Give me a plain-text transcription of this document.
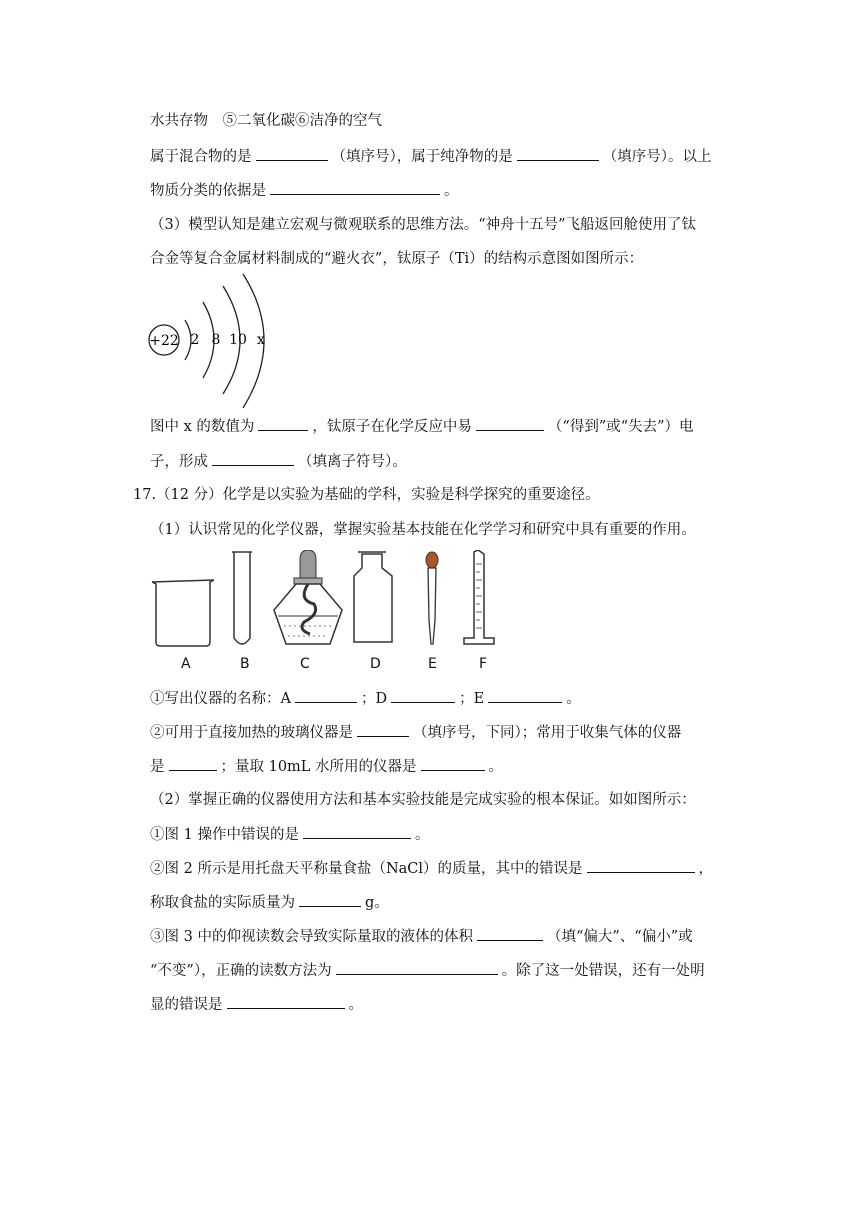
水共存物　⑤二氧化碳⑥洁净的空气
属于混合物的是	（填序号），属于纯净物的是	（填序号）。以上
物质分类的依据是	。
（3）模型认知是建立宏观与微观联系的思维方法。“神舟十五号”飞船返回舱使用了钛
合金等复合金属材料制成的“避火衣”，钛原子（Ti）的结构示意图如图所示：
+22 2 8 10 x
图中 x 的数值为	，钛原子在化学反应中易	（“得到”或“失去”）电
子，形成	（填离子符号）。
17.（12 分）化学是以实验为基础的学科，实验是科学探究的重要途径。
（1）认识常见的化学仪器，掌握实验基本技能在化学学习和研究中具有重要的作用。
A	B	C	D	E	F
①写出仪器的名称：A	；D	；E	。
②可用于直接加热的玻璃仪器是	（填序号，下同）；常用于收集气体的仪器
是	；量取 10mL 水所用的仪器是	。
（2）掌握正确的仪器使用方法和基本实验技能是完成实验的根本保证。如如图所示：
①图 1 操作中错误的是	。
②图 2 所示是用托盘天平称量食盐（NaCl）的质量，其中的错误是	，
称取食盐的实际质量为	g。
③图 3 中的仰视读数会导致实际量取的液体的体积	（填“偏大”、“偏小”或
“不变”），正确的读数方法为	。除了这一处错误，还有一处明
显的错误是	。
